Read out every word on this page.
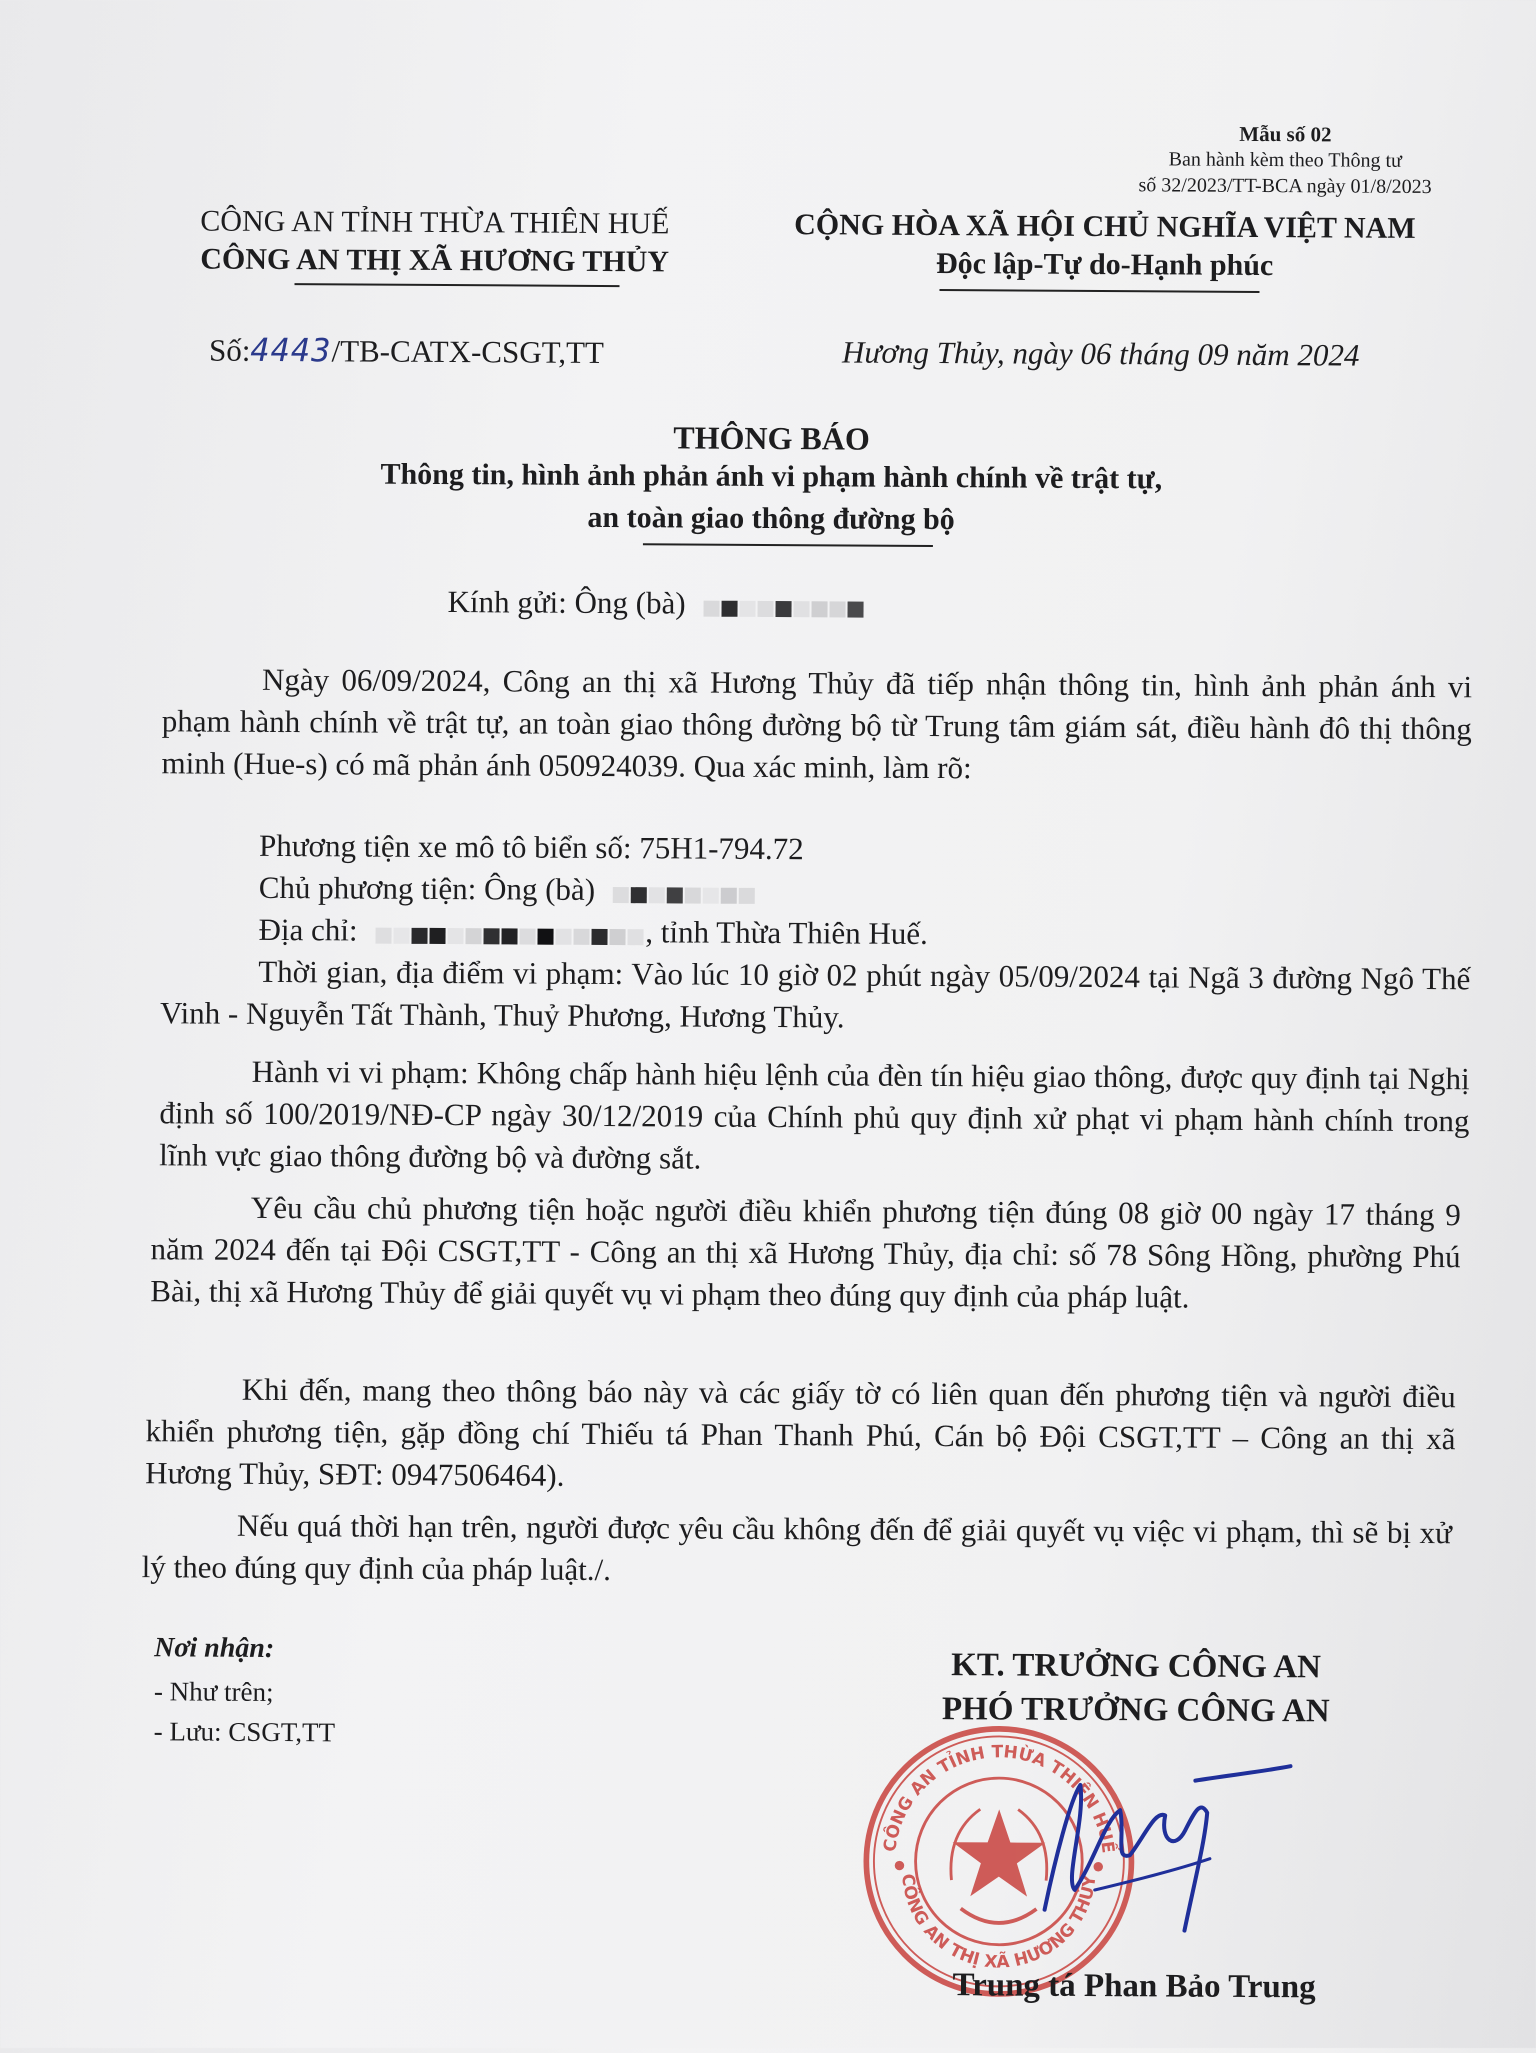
Mẫu số 02
Ban hành kèm theo Thông tư
số 32/2023/TT-BCA ngày 01/8/2023
CÔNG AN TỈNH THỪA THIÊN HUẾ
CÔNG AN THỊ XÃ HƯƠNG THỦY
CỘNG HÒA XÃ HỘI CHỦ NGHĨA VIỆT NAM
Độc lập-Tự do-Hạnh phúc
Số:4443/TB-CATX-CSGT,TT	Hương Thủy, ngày 06 tháng 09 năm 2024
THÔNG BÁO
Thông tin, hình ảnh phản ánh vi phạm hành chính về trật tự,
an toàn giao thông đường bộ
Kính gửi: Ông (bà)
Ngày 06/09/2024, Công an thị xã Hương Thủy đã tiếp nhận thông tin, hình ảnh phản ánh vi phạm hành chính về trật tự, an toàn giao thông đường bộ từ Trung tâm giám sát, điều hành đô thị thông minh (Hue-s) có mã phản ánh 050924039. Qua xác minh, làm rõ:
Phương tiện xe mô tô biển số: 75H1-794.72
Chủ phương tiện: Ông (bà)
Địa chỉ:	, tỉnh Thừa Thiên Huế.
Thời gian, địa điểm vi phạm: Vào lúc 10 giờ 02 phút ngày 05/09/2024 tại Ngã 3 đường Ngô Thế Vinh - Nguyễn Tất Thành, Thuỷ Phương, Hương Thủy.
Hành vi vi phạm: Không chấp hành hiệu lệnh của đèn tín hiệu giao thông, được quy định tại Nghị định số 100/2019/NĐ-CP ngày 30/12/2019 của Chính phủ quy định xử phạt vi phạm hành chính trong lĩnh vực giao thông đường bộ và đường sắt.
Yêu cầu chủ phương tiện hoặc người điều khiển phương tiện đúng 08 giờ 00 ngày 17 tháng 9 năm 2024 đến tại Đội CSGT,TT - Công an thị xã Hương Thủy, địa chỉ: số 78 Sông Hồng, phường Phú Bài, thị xã Hương Thủy để giải quyết vụ vi phạm theo đúng quy định của pháp luật.
Khi đến, mang theo thông báo này và các giấy tờ có liên quan đến phương tiện và người điều khiển phương tiện, gặp đồng chí Thiếu tá Phan Thanh Phú, Cán bộ Đội CSGT,TT – Công an thị xã Hương Thủy, SĐT: 0947506464).
Nếu quá thời hạn trên, người được yêu cầu không đến để giải quyết vụ việc vi phạm, thì sẽ bị xử lý theo đúng quy định của pháp luật./.
Nơi nhận:
- Như trên;
- Lưu: CSGT,TT
KT. TRƯỞNG CÔNG AN
PHÓ TRƯỞNG CÔNG AN
CÔNG AN TỈNH THỪA THIÊN HUẾ
CÔNG AN THỊ XÃ HƯƠNG THỦY
Trung tá Phan Bảo Trung
